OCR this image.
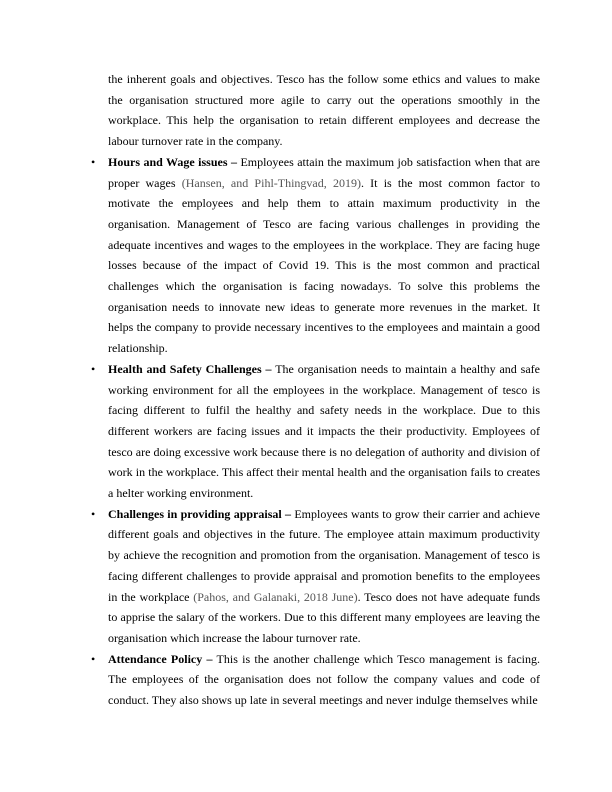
the inherent goals and objectives. Tesco has the follow some ethics and values to make the organisation structured more agile to carry out the operations smoothly in the workplace. This help the organisation to retain different employees and decrease the labour turnover rate in the company.

• Hours and Wage issues – Employees attain the maximum job satisfaction when that are proper wages (Hansen, and Pihl-Thingvad, 2019). It is the most common factor to motivate the employees and help them to attain maximum productivity in the organisation. Management of Tesco are facing various challenges in providing the adequate incentives and wages to the employees in the workplace. They are facing huge losses because of the impact of Covid 19. This is the most common and practical challenges which the organisation is facing nowadays. To solve this problems the organisation needs to innovate new ideas to generate more revenues in the market. It helps the company to provide necessary incentives to the employees and maintain a good relationship.
• Health and Safety Challenges – The organisation needs to maintain a healthy and safe working environment for all the employees in the workplace. Management of tesco is facing different to fulfil the healthy and safety needs in the workplace. Due to this different workers are facing issues and it impacts the their productivity. Employees of tesco are doing excessive work because there is no delegation of authority and division of work in the workplace. This affect their mental health and the organisation fails to creates a helter working environment.
• Challenges in providing appraisal – Employees wants to grow their carrier and achieve different goals and objectives in the future. The employee attain maximum productivity by achieve the recognition and promotion from the organisation. Management of tesco is facing different challenges to provide appraisal and promotion benefits to the employees in the workplace (Pahos, and Galanaki, 2018 June). Tesco does not have adequate funds to apprise the salary of the workers. Due to this different many employees are leaving the organisation which increase the labour turnover rate.
• Attendance Policy – This is the another challenge which Tesco management is facing. The employees of the organisation does not follow the company values and code of conduct. They also shows up late in several meetings and never indulge themselves while
